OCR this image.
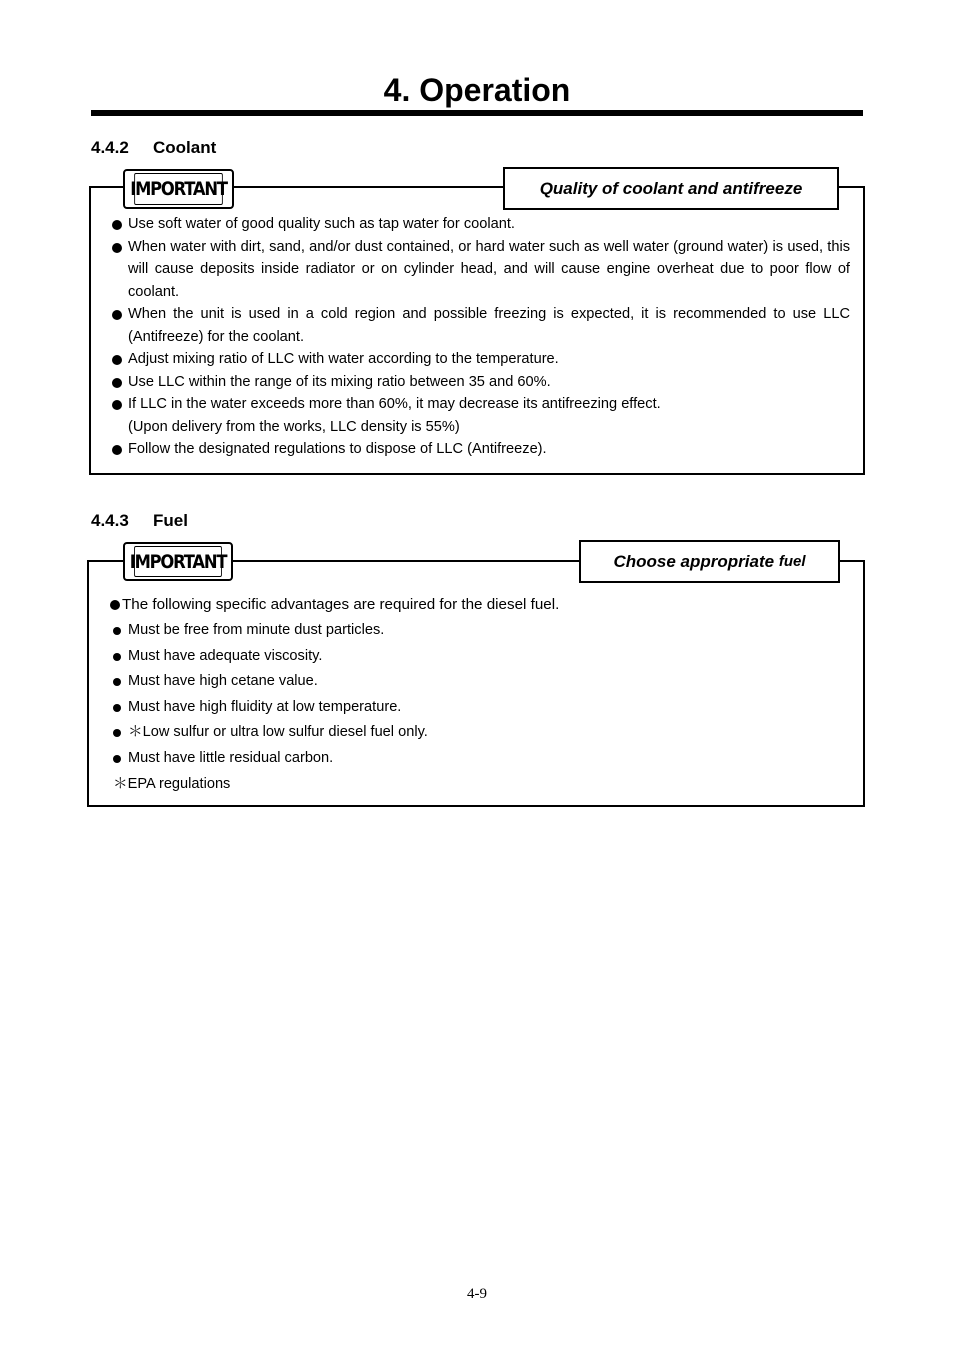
4. Operation
4.4.2 Coolant
IMPORTANT	Quality of coolant and antifreeze
Use soft water of good quality such as tap water for coolant.
When water with dirt, sand, and/or dust contained, or hard water such as well water (ground water) is used, this will cause deposits inside radiator or on cylinder head, and will cause engine overheat due to poor flow of coolant.
When the unit is used in a cold region and possible freezing is expected, it is recommended to use LLC (Antifreeze) for the coolant.
Adjust mixing ratio of LLC with water according to the temperature.
Use LLC within the range of its mixing ratio between 35 and 60%.
If LLC in the water exceeds more than 60%, it may decrease its antifreezing effect.
(Upon delivery from the works, LLC density is 55%)
Follow the designated regulations to dispose of LLC (Antifreeze).
4.4.3 Fuel
IMPORTANT	Choose appropriate
fuel
The following specific advantages are required for the diesel fuel.
Must be free from minute dust particles.
Must have adequate viscosity.
Must have high cetane value.
Must have high fluidity at low temperature.
＊Low sulfur or ultra low sulfur diesel fuel only.
Must have little residual carbon.
＊EPA regulations
4-9
